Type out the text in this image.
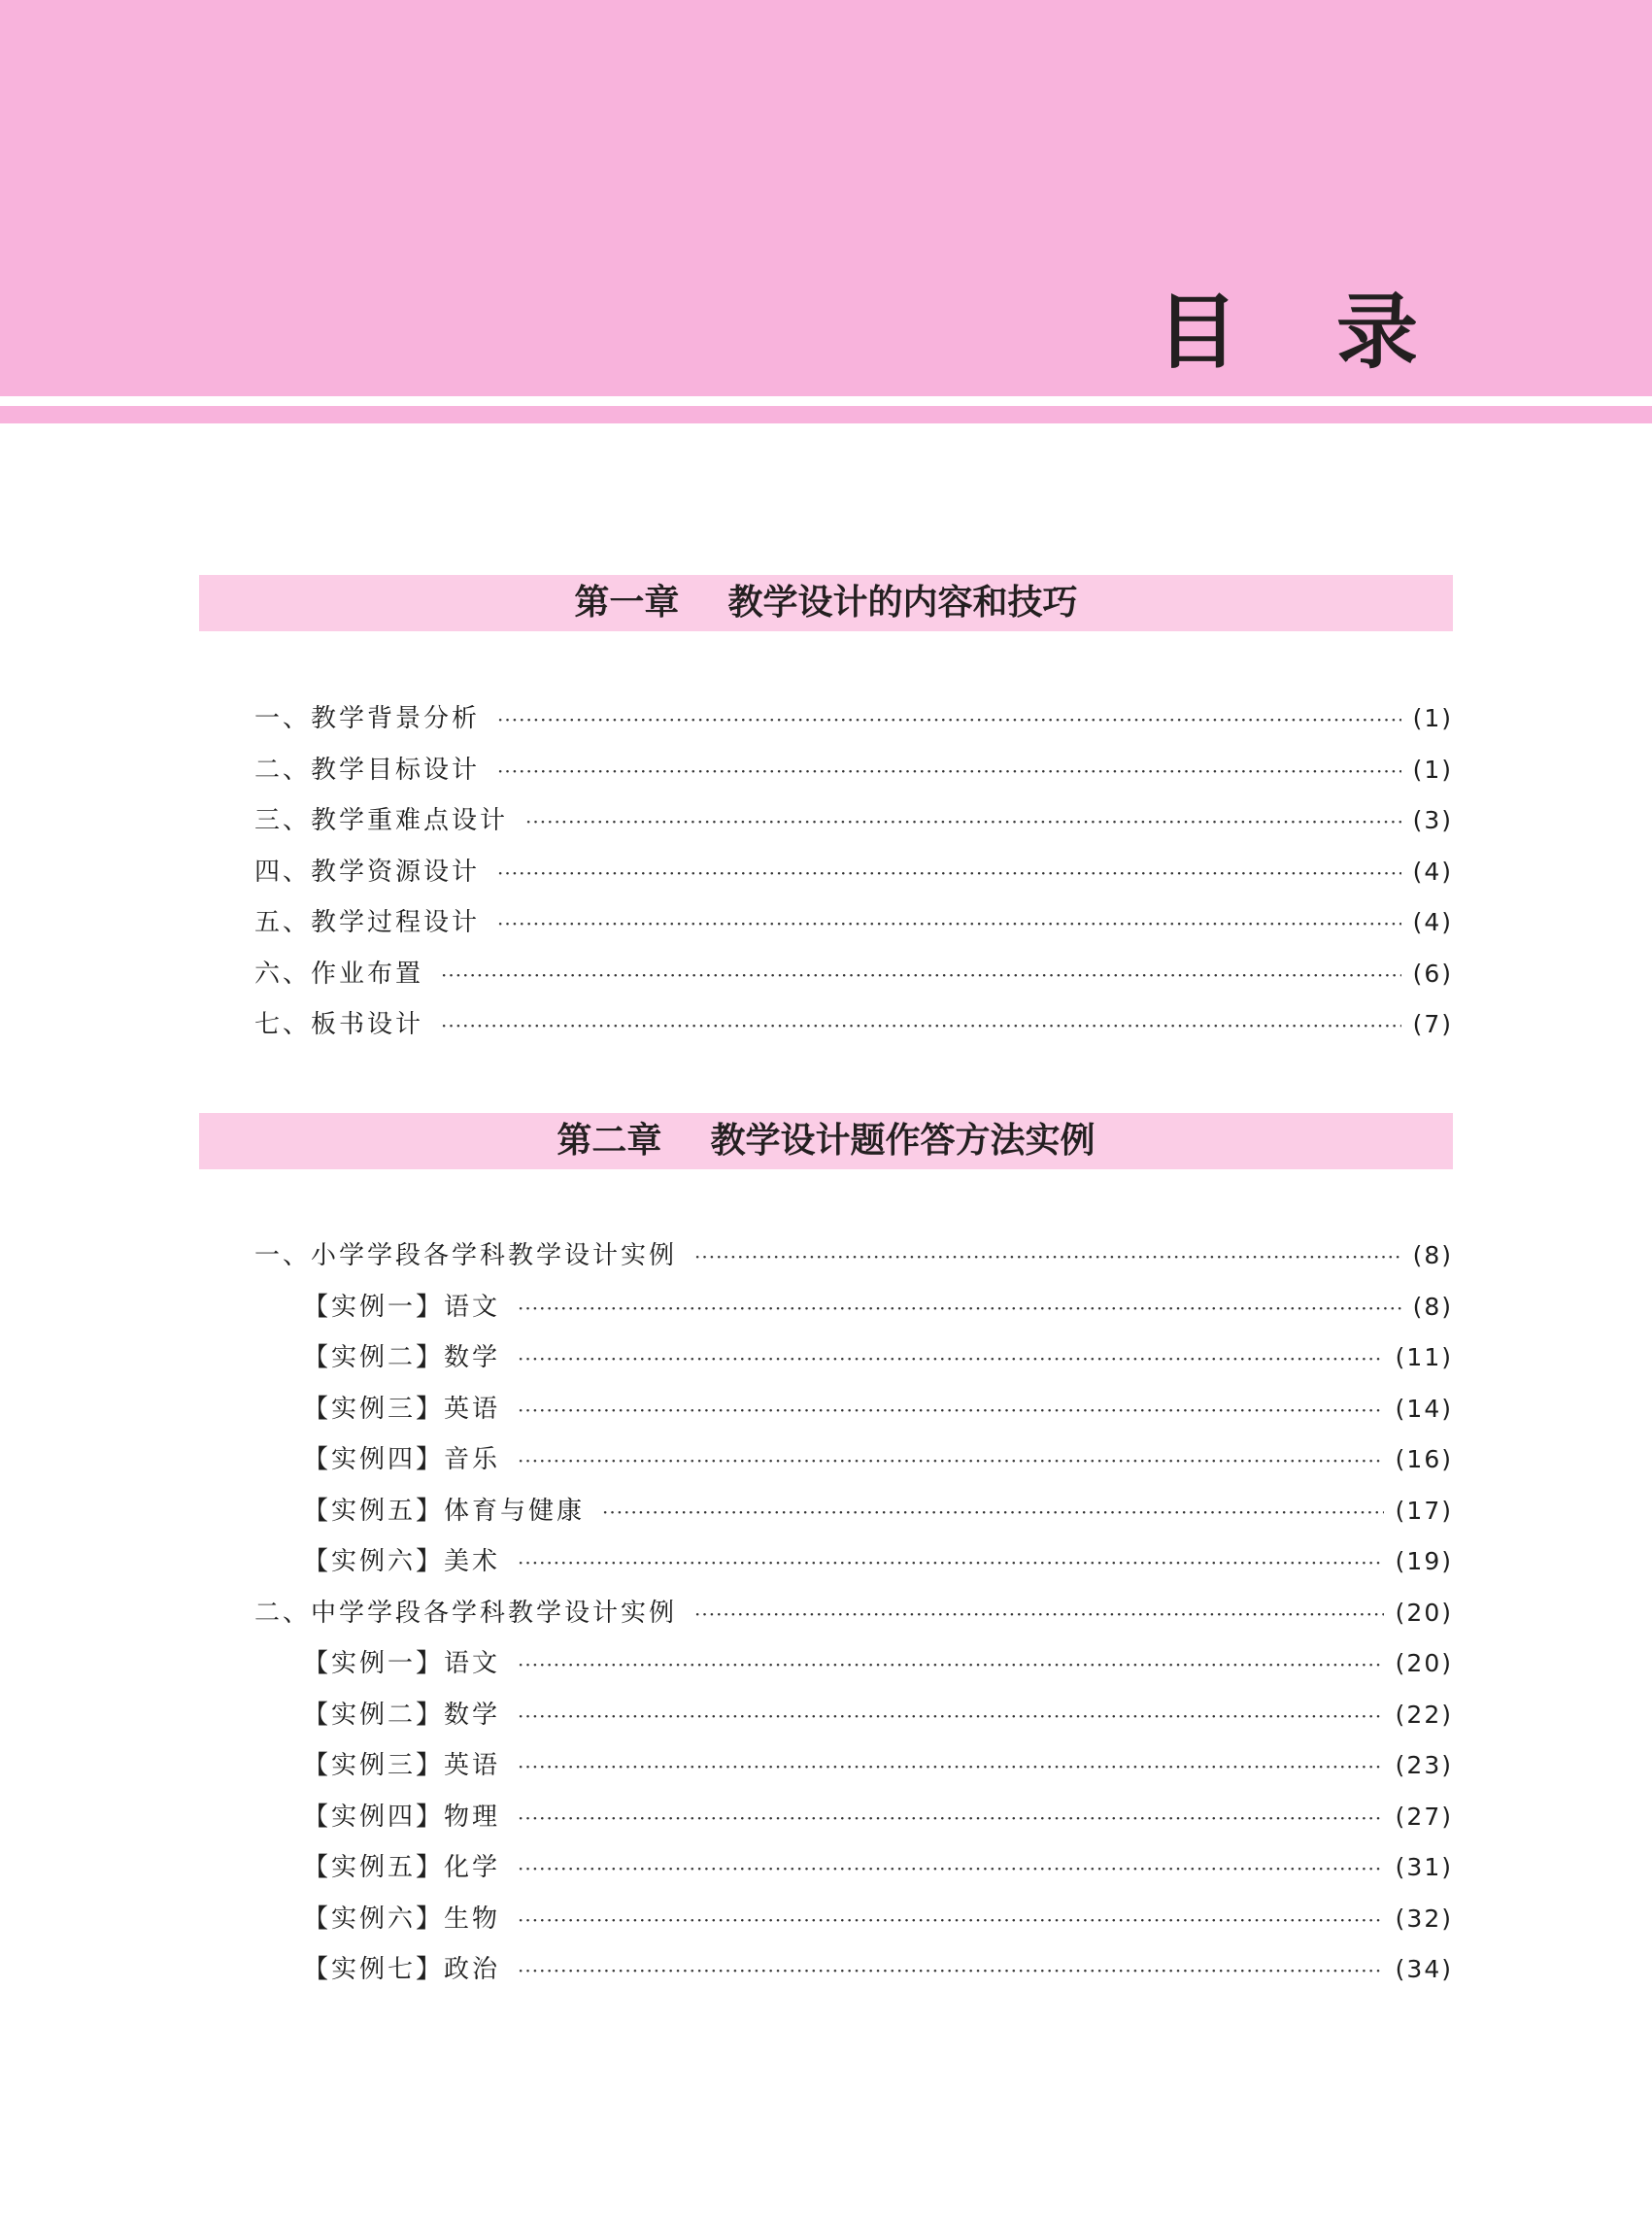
目 录
第一章    教学设计的内容和技巧
一、教学背景分析 ·····	(1)
二、教学目标设计 ·····	(1)
三、教学重难点设计 ·····	(3)
四、教学资源设计 ·····	(4)
五、教学过程设计 ·····	(4)
六、作业布置 ·····	(6)
七、板书设计 ·····	(7)
第二章    教学设计题作答方法实例
一、小学学段各学科教学设计实例 ·····	(8)
【实例一】语文 ·····	(8)
【实例二】数学 ·····	(11)
【实例三】英语 ·····	(14)
【实例四】音乐 ·····	(16)
【实例五】体育与健康 ·····	(17)
【实例六】美术 ·····	(19)
二、中学学段各学科教学设计实例 ·····	(20)
【实例一】语文 ·····	(20)
【实例二】数学 ·····	(22)
【实例三】英语 ·····	(23)
【实例四】物理 ·····	(27)
【实例五】化学 ·····	(31)
【实例六】生物 ·····	(32)
【实例七】政治 ·····	(34)
